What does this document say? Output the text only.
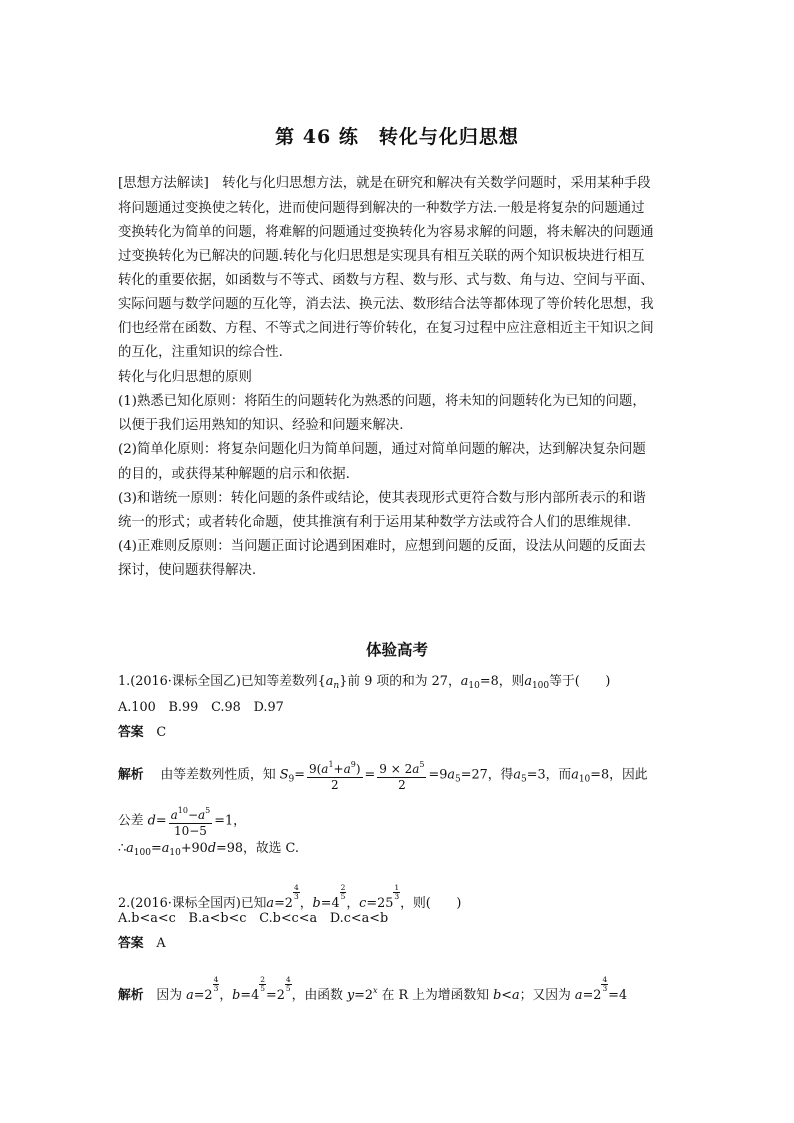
第 46 练　转化与化归思想
[思想方法解读]　 转化与化归思想方法，就是在研究和解决有关数学问题时，采用某种手段
将问题通过变换使之转化，进而使问题得到解决的一种数学方法.一般是将复杂的问题通过
变换转化为简单的问题，将难解的问题通过变换转化为容易求解的问题，将未解决的问题通
过变换转化为已解决的问题.转化与化归思想是实现具有相互关联的两个知识板块进行相互
转化的重要依据，如函数与不等式、函数与方程、数与形、式与数、角与边、空间与平面、
实际问题与数学问题的互化等，消去法、换元法、数形结合法等都体现了等价转化思想，我
们也经常在函数、方程、不等式之间进行等价转化，在复习过程中应注意相近主干知识之间
的互化，注重知识的综合性.
转化与化归思想的原则
(1)熟悉已知化原则：将陌生的问题转化为熟悉的问题，将未知的问题转化为已知的问题，
以便于我们运用熟知的知识、经验和问题来解决.
(2)简单化原则：将复杂问题化归为简单问题，通过对简单问题的解决，达到解决复杂问题
的目的，或获得某种解题的启示和依据.
(3)和谐统一原则：转化问题的条件或结论，使其表现形式更符合数与形内部所表示的和谐
统一的形式；或者转化命题，使其推演有利于运用某种数学方法或符合人们的思维规律.
(4)正难则反原则：当问题正面讨论遇到困难时，应想到问题的反面，设法从问题的反面去
探讨，使问题获得解决.
体验高考
1.(2016·课标全国乙)已知等差数列$\{a_n\}$前 9 项的和为 27，$a_{10}=8$，则$a_{100}$等于(　　)
A.100　B.99　C.98　D.97
答案　 C
解析　 由等差数列性质，知 $S_9= \frac{9(a^1+a^9)}{2} = \frac{9 \times 2a^5}{2} =9a_5=27$，得$a_5=3$，而$a_{10}=8$，因此
公差 $d= \frac{a^{10}-a^5}{10-5} =1$，
$\therefore a_{100}=a_{10}+90d=98$，故选 C.
2.(2016·课标全国丙)已知a=2
$\frac{4}{3}$
，b=4
$\frac{2}{5}$
，c=25
$\frac{1}{3}$
，则(　　)
A.b<a<c　B.a<b<c　C.b<c<a　D.c<a<b
答案　 A
解析　 因为 a=2
$\frac{4}{3}$
，b=4
$\frac{2}{5}$
=2
$\frac{4}{5}$
，由函数 $y=2^x$ 在 R 上为增函数知 b<a；又因为 a=2
$\frac{4}{3}$
=4
